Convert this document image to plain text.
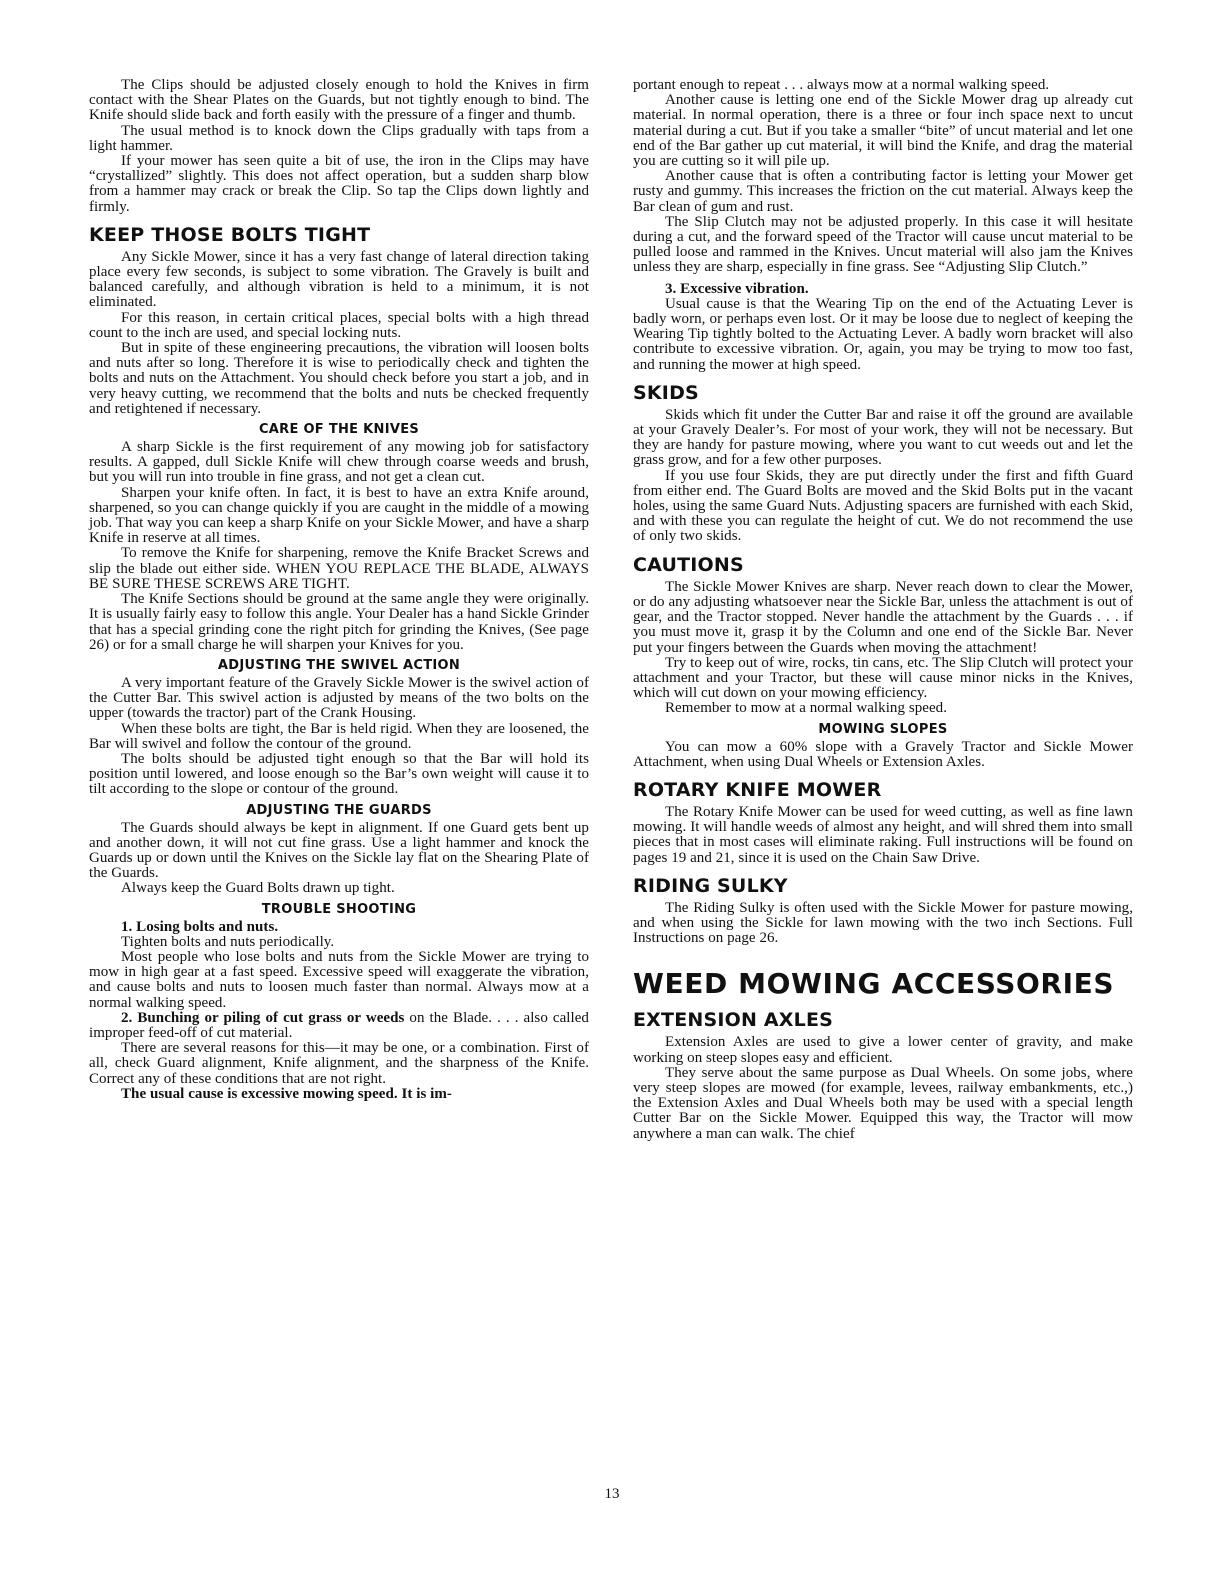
The Clips should be adjusted closely enough to hold the Knives in firm contact with the Shear Plates on the Guards, but not tightly enough to bind. The Knife should slide back and forth easily with the pressure of a finger and thumb.

The usual method is to knock down the Clips gradually with taps from a light hammer.

If your mower has seen quite a bit of use, the iron in the Clips may have “crystallized” slightly. This does not affect operation, but a sudden sharp blow from a hammer may crack or break the Clip. So tap the Clips down lightly and firmly.

KEEP THOSE BOLTS TIGHT

Any Sickle Mower, since it has a very fast change of lateral direction taking place every few seconds, is subject to some vibration. The Gravely is built and balanced carefully, and although vibration is held to a minimum, it is not eliminated.

For this reason, in certain critical places, special bolts with a high thread count to the inch are used, and special locking nuts.

But in spite of these engineering precautions, the vibration will loosen bolts and nuts after so long. Therefore it is wise to periodically check and tighten the bolts and nuts on the Attachment. You should check before you start a job, and in very heavy cutting, we recommend that the bolts and nuts be checked frequently and retightened if necessary.

CARE OF THE KNIVES

A sharp Sickle is the first requirement of any mowing job for satisfactory results. A gapped, dull Sickle Knife will chew through coarse weeds and brush, but you will run into trouble in fine grass, and not get a clean cut.

Sharpen your knife often. In fact, it is best to have an extra Knife around, sharpened, so you can change quickly if you are caught in the middle of a mowing job. That way you can keep a sharp Knife on your Sickle Mower, and have a sharp Knife in reserve at all times.

To remove the Knife for sharpening, remove the Knife Bracket Screws and slip the blade out either side. WHEN YOU REPLACE THE BLADE, ALWAYS BE SURE THESE SCREWS ARE TIGHT.

The Knife Sections should be ground at the same angle they were originally. It is usually fairly easy to follow this angle. Your Dealer has a hand Sickle Grinder that has a special grinding cone the right pitch for grinding the Knives, (See page 26) or for a small charge he will sharpen your Knives for you.

ADJUSTING THE SWIVEL ACTION

A very important feature of the Gravely Sickle Mower is the swivel action of the Cutter Bar. This swivel action is adjusted by means of the two bolts on the upper (towards the tractor) part of the Crank Housing.

When these bolts are tight, the Bar is held rigid. When they are loosened, the Bar will swivel and follow the contour of the ground.

The bolts should be adjusted tight enough so that the Bar will hold its position until lowered, and loose enough so the Bar’s own weight will cause it to tilt according to the slope or contour of the ground.

ADJUSTING THE GUARDS

The Guards should always be kept in alignment. If one Guard gets bent up and another down, it will not cut fine grass. Use a light hammer and knock the Guards up or down until the Knives on the Sickle lay flat on the Shearing Plate of the Guards.

Always keep the Guard Bolts drawn up tight.

TROUBLE SHOOTING

1. Losing bolts and nuts.

Tighten bolts and nuts periodically.

Most people who lose bolts and nuts from the Sickle Mower are trying to mow in high gear at a fast speed. Excessive speed will exaggerate the vibration, and cause bolts and nuts to loosen much faster than normal. Always mow at a normal walking speed.

2. Bunching or piling of cut grass or weeds on the Blade. . . . also called improper feed-off of cut material.

There are several reasons for this—it may be one, or a combination. First of all, check Guard alignment, Knife alignment, and the sharpness of the Knife. Correct any of these conditions that are not right.

The usual cause is excessive mowing speed. It is im-

portant enough to repeat . . . always mow at a normal walking speed.

Another cause is letting one end of the Sickle Mower drag up already cut material. In normal operation, there is a three or four inch space next to uncut material during a cut. But if you take a smaller “bite” of uncut material and let one end of the Bar gather up cut material, it will bind the Knife, and drag the material you are cutting so it will pile up.

Another cause that is often a contributing factor is letting your Mower get rusty and gummy. This increases the friction on the cut material. Always keep the Bar clean of gum and rust.

The Slip Clutch may not be adjusted properly. In this case it will hesitate during a cut, and the forward speed of the Tractor will cause uncut material to be pulled loose and rammed in the Knives. Uncut material will also jam the Knives unless they are sharp, especially in fine grass. See “Adjusting Slip Clutch.”

3. Excessive vibration.

Usual cause is that the Wearing Tip on the end of the Actuating Lever is badly worn, or perhaps even lost. Or it may be loose due to neglect of keeping the Wearing Tip tightly bolted to the Actuating Lever. A badly worn bracket will also contribute to excessive vibration. Or, again, you may be trying to mow too fast, and running the mower at high speed.

SKIDS

Skids which fit under the Cutter Bar and raise it off the ground are available at your Gravely Dealer’s. For most of your work, they will not be necessary. But they are handy for pasture mowing, where you want to cut weeds out and let the grass grow, and for a few other purposes.

If you use four Skids, they are put directly under the first and fifth Guard from either end. The Guard Bolts are moved and the Skid Bolts put in the vacant holes, using the same Guard Nuts. Adjusting spacers are furnished with each Skid, and with these you can regulate the height of cut. We do not recommend the use of only two skids.

CAUTIONS

The Sickle Mower Knives are sharp. Never reach down to clear the Mower, or do any adjusting whatsoever near the Sickle Bar, unless the attachment is out of gear, and the Tractor stopped. Never handle the attachment by the Guards . . . if you must move it, grasp it by the Column and one end of the Sickle Bar. Never put your fingers between the Guards when moving the attachment!

Try to keep out of wire, rocks, tin cans, etc. The Slip Clutch will protect your attachment and your Tractor, but these will cause minor nicks in the Knives, which will cut down on your mowing efficiency.

Remember to mow at a normal walking speed.

MOWING SLOPES

You can mow a 60% slope with a Gravely Tractor and Sickle Mower Attachment, when using Dual Wheels or Extension Axles.

ROTARY KNIFE MOWER

The Rotary Knife Mower can be used for weed cutting, as well as fine lawn mowing. It will handle weeds of almost any height, and will shred them into small pieces that in most cases will eliminate raking. Full instructions will be found on pages 19 and 21, since it is used on the Chain Saw Drive.

RIDING SULKY

The Riding Sulky is often used with the Sickle Mower for pasture mowing, and when using the Sickle for lawn mowing with the two inch Sections. Full Instructions on page 26.

WEED MOWING ACCESSORIES
EXTENSION AXLES

Extension Axles are used to give a lower center of gravity, and make working on steep slopes easy and efficient.

They serve about the same purpose as Dual Wheels. On some jobs, where very steep slopes are mowed (for example, levees, railway embankments, etc.,) the Extension Axles and Dual Wheels both may be used with a special length Cutter Bar on the Sickle Mower. Equipped this way, the Tractor will mow anywhere a man can walk. The chief

13
